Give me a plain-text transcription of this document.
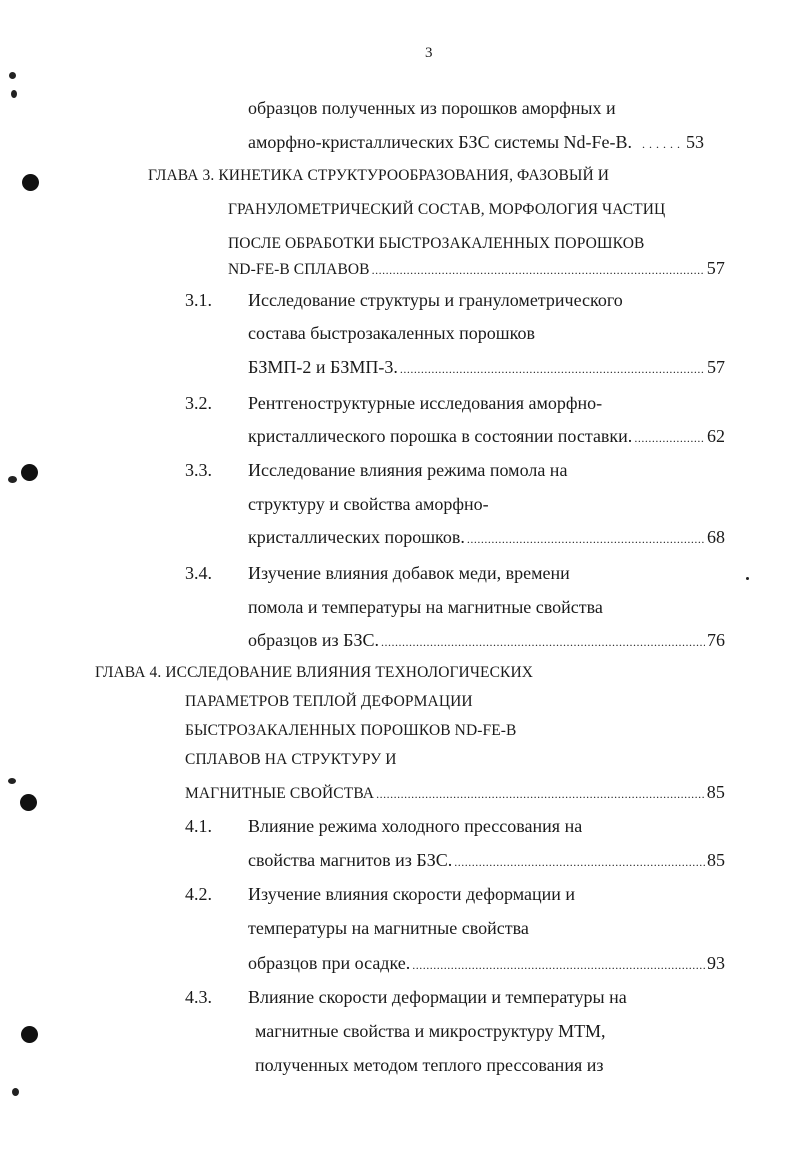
3
образцов полученных из порошков аморфных и
аморфно-кристаллических БЗС системы Nd-Fe-B. . . .	53
ГЛАВА 3. КИНЕТИКА СТРУКТУРООБРАЗОВАНИЯ, ФАЗОВЫЙ И
ГРАНУЛОМЕТРИЧЕСКИЙ СОСТАВ, МОРФОЛОГИЯ ЧАСТИЦ
ПОСЛЕ ОБРАБОТКИ БЫСТРОЗАКАЛЕННЫХ ПОРОШКОВ
ND-FE-B СПЛАВОВ .....	57
3.1. Исследование структуры и гранулометрического
состава быстрозакаленных порошков
БЗМП-2 и БЗМП-3. .....	57
3.2. Рентгеноструктурные исследования аморфно-
кристаллического порошка в состоянии поставки. .....	62
3.3. Исследование влияния режима помола на
структуру и свойства аморфно-
кристаллических порошков. .....	68
3.4. Изучение влияния добавок меди, времени
помола и температуры на магнитные свойства
образцов из БЗС. .....	76
ГЛАВА 4. ИССЛЕДОВАНИЕ ВЛИЯНИЯ ТЕХНОЛОГИЧЕСКИХ
ПАРАМЕТРОВ ТЕПЛОЙ ДЕФОРМАЦИИ
БЫСТРОЗАКАЛЕННЫХ ПОРОШКОВ ND-FE-B
СПЛАВОВ НА СТРУКТУРУ И
МАГНИТНЫЕ СВОЙСТВА .....	85
4.1. Влияние режима холодного прессования на
свойства магнитов из БЗС. .....	85
4.2. Изучение влияния скорости деформации и
температуры на магнитные свойства
образцов при осадке. .....	93
4.3. Влияние скорости деформации и температуры на
магнитные свойства и микроструктуру МТМ,
полученных методом теплого прессования из
